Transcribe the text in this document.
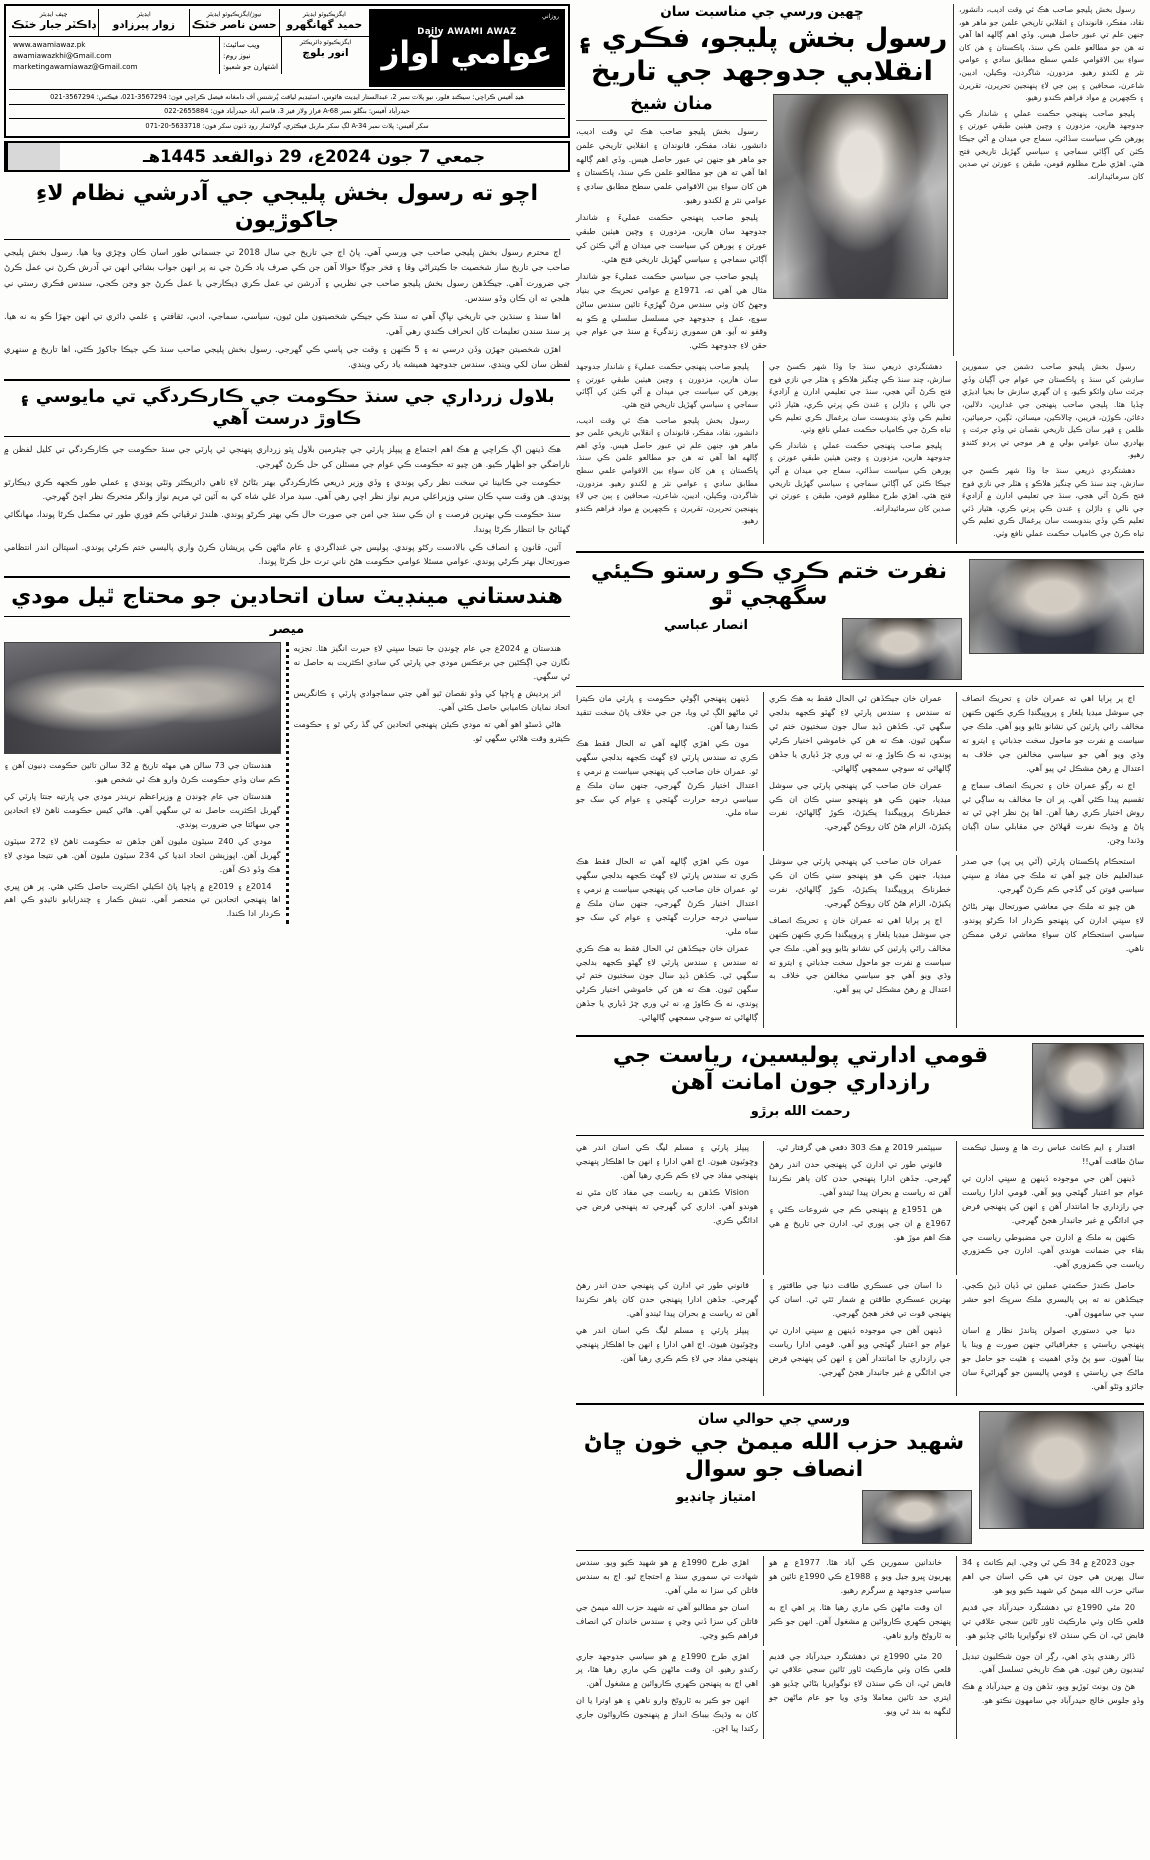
روزاني
Daily AWAMI AWAZ
عوامي آواز
ايگزيڪيوٽو ايڊيٽر
حميد گهانگهرو
نيوز/ايگزيڪيوٽو ايڊيٽر
حسن ناصر خٽڪ
ايڊيٽر
زوار پيرزادو
چيف ايڊيٽر
ڊاڪٽر جبار خٽڪ
ايگزيڪيوٽو ڊائريڪٽر
انور بلوچ
ويب سائيٽ:
نيوز روم:
اشتهارن جو شعبو:
www.awamiawaz.pk
awamiawazkhi@Gmail.com
marketingawamiawaz@Gmail.com
هيڊ آفيس ڪراچي: سيڪنڊ فلور، نيو پلاٽ نمبر 2، عبدالستار ايڊيٽ هائوس، اسٽيڊيم لياقت پُرشنس آف دامغانه فيصل ڪراچي فون: 3567294-021، فيڪس: 3567294-021
حيدرآباد آفيس: بنگلو نمبر A-68 فراز ولاز فيز 3، قاسم آباد حيدرآباد فون: 2655884-022
سکر آفيس: پلاٽ نمبر A-34 لڳ سکر ماربل فيڪٽري، گولائمار روڊ ڏٺون سکر فون: 5633718-20-071
جمعي 7 جون 2024ع، 29 ذوالقعد 1445هـ
اچو ته رسول بخش پليجي جي آدرشي نظام لاءِ جاکوڙيون

اڄ محترم رسول بخش پليجي صاحب جي ورسي آهي. پاڻ اڄ جي تاريخ جي سال 2018 تي جسماني طور اسان ڪان وڇڙي ويا هيا. رسول بخش پليجي صاحب جي تاريخ ساز شخصيت جا ڪيتراڻي وقا ۽ فخر جوڳا حوالا آهن جن ڪي صرف ياد ڪرڻ جي نه پر انهن جواب بشائي انهن تي آدرش ڪرڻ ني عمل ڪرڻ جي ضرورت آهي. جيڪڏهن رسول بخش پليجو صاحب جي نظريي ۽ آدرشن تي عمل ڪري ڊيڪارجي يا عمل ڪرڻ جو وجن ڪجي، سندس فڪري رستي ني هلجي ته ان ڪان وڏو سندس.

اها سنڌ ۽ سنڌين جي تاريخي نڀاڳ آهي ته سنڌ ڪي جيڪي شخصيتون ملن ٿيون، سياسي، سماجي، ادبي، ثقافتي ۽ علمي ڊائري تي انهن جهڙا ڪو به نه هيا. پر سنڌ سندن تعليمات کان انحراف ڪندي رهي آهي.

اهڙن شخصيتن جهڙن وڏن درسي نه ۽ 5 ڪنهن ۽ وقت جي پاسي ڪي گهرجي. رسول بخش پليجي صاحب سنڌ ڪي جيڪا جاکوڙ ڪئي، اها تاريخ ۾ سنهري لفظن سان لکي ويندي. سندس جدوجهد هميشه ياد رکي ويندي.

بلاول زرداري جي سنڌ حڪومت جي ڪارڪردگي تي مايوسي ۽ ڪاوڙ درست آهي

هڪ ڏينهن اڳ ڪراچي ۾ هڪ اهم اجتماع ۾ پيپلز پارٽي جي چيئرمين بلاول ڀٽو زرداري پنهنجي ئي پارٽي جي سنڌ حڪومت جي ڪارڪردگي تي کليل لفظن ۾ ناراضگي جو اظهار ڪيو. هن چيو ته حڪومت ڪي عوام جي مسئلن کي حل ڪرڻ گهرجي.

حڪومت جي ڪابينا تي سخت نظر رکي پوندي ۽ وڏي وزير ذريعي ڪارڪردگي بهتر بڻائڻ لاءِ ٺاهي ڊائريڪٽر وٺڻي پوندي ۽ عملي طور ڪجهه ڪري ڊيڪارٿو پوندي. هن وقت سڀ ڪان سني وزيراعلي مريم نواز نظر اچي رهي آهي. سيد مراد علي شاه کي به آئين ٿي مريم نواز وانگر متحرڪ نظر اچڻ گهرجي.

سنڌ حڪومت ڪي بهترين فرصت ۽ ان ڪي سنڌ جي امن جي صورت حال ڪي بهتر ڪرڻو پوندي. هلندڙ ترقياتي ڪم فوري طور تي مڪمل ڪرڻا پوندا، مهانگائي گهٽائڻ جا انتظار ڪرڻا پوندا.

آئين، قانون ۽ انصاف ڪي بالادست رکڻو پوندي. پوليس جي غنڊاگردي ۽ عام ماڻهن ڪي پريشان ڪرڻ واري پاليسي ختم ڪرڻي پوندي. اسپتالن اندر انتظامي صورتحال بهتر ڪرڻي پوندي. عوامي مسئلا عوامي حڪومت هڻڻ ناني ترت حل ڪرڻا پوندا.

هندستاني مينڊيٽ سان اتحادين جو محتاج ٿيل مودي
ميصر

هندستان ۾ 2024ع جي عام چونڊن جا نتيجا سڀني لاءِ حيرت انگيز هئا. تجزيه نگارن جي اڳڪٿين جي برعڪس مودي جي پارٽي کي سادي اڪثريت به حاصل نه ٿي سگهي.

اتر پرديش ۾ ڀاڄپا کي وڏو نقصان ٿيو آهي جتي سماجوادي پارٽي ۽ ڪانگريس اتحاد نمايان ڪاميابي حاصل ڪئي آهي.

هاڻي ڏسڻو اهو آهي ته مودي ڪيئن پنهنجي اتحادين کي گڏ رکي ٿو ۽ حڪومت ڪيترو وقت هلائي سگهي ٿو.

هندستان جي 73 سالن هي مهڻه تاريخ ۾ 32 سالن تائين حڪومت ڊنيون آهن ۽ ڪم سان وڏي حڪومت ڪرڻ وارو هڪ ئي شخص هيو.

هندستان جي عام چونڊن ۾ وزيراعظم نريندر مودي جي ڀارتيه جنتا پارٽي کي گهربل اڪثريت حاصل نه ٿي سگهي آهي. هاڻي کيس حڪومت ٺاهڻ لاءِ اتحادين جي سهائتا جي ضرورت پوندي.

مودي کي 240 سيٽون مليون آهن جڏهن ته حڪومت ٺاهڻ لاءِ 272 سيٽون گهربل آهن. اپوزيشن اتحاد انڊيا کي 234 سيٽون مليون آهن. هي نتيجا مودي لاءِ هڪ وڏو ڌڪ آهن.

2014ع ۽ 2019ع ۾ ڀاڄپا پاڻ اڪيلي اڪثريت حاصل ڪئي هئي. پر هن ڀيري اها پنهنجي اتحادين تي منحصر آهي. نتيش ڪمار ۽ چندرابابو نائيڊو ڪي اهم ڪردار ادا ڪندا.

رسول بخش پليجو صاحب هڪ ئي وقت اديب، دانشور، نقاد، مفڪر، قانوندان ۽ انقلابي تاريخي علمن جو ماهر هو، جنهن علم تي عبور حاصل هيس. وڏي اهم ڳالهه اها آهي ته هن جو مطالعو علمن ڪي سنڌ، پاڪستان ۽ هن کان سواءِ بين الاقوامي علمي سطح مطابق سادي ۽ عوامي نثر ۾ لکندو رهيو. مزدورن، شاگردن، وڪيلن، اديبن، شاعرن، صحافين ۽ ٻين جي لاءِ پنهنجين تحريرن، تقريرن ۽ ڪچهرين ۾ مواد فراهم ڪندو رهيو.

پليجو صاحب پنهنجي حڪمت عملي ۽ شاندار ڪي جدوجهد هارين، مزدورن ۽ وچين هيٺين طبقي عورتن ۽ ٻورهن ڪي سياست سڏائي، سماج جي ميدان ۾ آڻي جيڪا ڪٺن کي آڳاٽي سماجي ۽ سياسي گهڙيل تاريخي فتح هئي. اهڙي طرح مظلوم قومن، طبقن ۽ عورتن تي صدين کان سرمائيدارانه.

ڇهين ورسي جي مناسبت سان
رسول بخش پليجو، فڪري ۽ انقلابي جدوجهد جي تاريخ
منان شيخ

رسول بخش پليجو صاحب هڪ ئي وقت اديب، دانشور، نقاد، مفڪر، قانوندان ۽ انقلابي تاريخي علمن جو ماهر هو جنهن تي عبور حاصل هيس. وڏي اهم ڳالهه اها آهي ته هن جو مطالعو علمن ڪي سنڌ، پاڪستان ۽ هن کان سواءِ بين الاقوامي علمي سطح مطابق سادي ۽ عوامي نثر ۾ لکندو رهيو.

پليجو صاحب پنهنجي حڪمت عمليءَ ۽ شاندار جدوجهد سان هارين، مزدورن ۽ وچين هيٺين طبقي عورتن ۽ ٻورهن کي سياست جي ميدان ۾ آڻي ڪٺن کي آڳاٽي سماجي ۽ سياسي گهڙيل تاريخي فتح هئي.

پليجو صاحب جي سياسي حڪمت عمليءَ جو شاندار مثال هي آهي ته، 1971ع ۾ عوامي تحريڪ جي بنياد وجهڻ کان وٺي سندس مرڻ گهڙيءَ تائين سندس ساڻن سوچ، عمل ۽ جدوجهد جي مسلسل سلسلي ۾ ڪو به وقفو نه آيو. هن سموري زندگيءَ ۾ سنڌ جي عوام جي حقن لاءِ جدوجهد ڪئي.

رسول بخش پليجو صاحب دشمن جي سمورين سازشن کي سنڌ ۽ پاڪستان جي عوام جي آڳيان وڏي جرئت سان وائکو ڪيو، ۽ ان گهري سازش جا بخيا اڊيڙي چڏيا هئا. پليجي صاحب پنهنجن جي غدارين، دلالين، دغائن، ڪوڙن، فريبن، چالاڪين، ميسائن، ٺڳين، حرميائين، ظلمن ۽ قهر سان ڪيل تاريخي نقصان تي وڏي جرئت ۽ بهادري سان عوامي بولي ۾ هر موجي تي پردو کڻندو رهيو.

دهشتگردي ذريعي سنڌ جا وڏا شهر ڪسڻ جي سازش، چنڊ سنڌ ڪي چنگيز هلاڪو ۽ هٽلر جي نازي فوج فتح ڪرڻ آئي هجي، سنڌ جي تعليمي ادارن ۾ آزاديءَ جي نالي ۽ ڊاڙلن ۽ غندن ڪي پرتي ڪري، هٿيار ڏئي تعليم ڪي وڏي بندوبست سان يرغمال ڪري تعليم ڪي تباه ڪرڻ جي ڪامياب حڪمت عملي نافع وٺي.

دهشتگردي ذريعي سنڌ جا وڏا شهر ڪسڻ جي سازش، چنڊ سنڌ ڪي چنگيز هلاڪو ۽ هٽلر جي نازي فوج فتح ڪرڻ آئي هجي، سنڌ جي تعليمي ادارن ۾ آزاديءَ جي نالي ۽ ڊاڙلن ۽ غندن ڪي پرتي ڪري، هٿيار ڏئي تعليم ڪي وڏي بندوبست سان يرغمال ڪري تعليم ڪي تباه ڪرڻ جي ڪامياب حڪمت عملي نافع وٺي.

پليجو صاحب پنهنجي حڪمت عملي ۽ شاندار ڪي جدوجهد هارين، مزدورن ۽ وچين هيٺين طبقي عورتن ۽ ٻورهن ڪي سياست سڏائي، سماج جي ميدان ۾ آڻي جيڪا ڪٺن کي آڳاٽي سماجي ۽ سياسي گهڙيل تاريخي فتح هئي. اهڙي طرح مظلوم قومن، طبقن ۽ عورتن تي صدين کان سرمائيدارانه.

پليجو صاحب پنهنجي حڪمت عمليءَ ۽ شاندار جدوجهد سان هارين، مزدورن ۽ وچين هيٺين طبقي عورتن ۽ ٻورهن کي سياست جي ميدان ۾ آڻي ڪٺن کي آڳاٽي سماجي ۽ سياسي گهڙيل تاريخي فتح هئي.

رسول بخش پليجو صاحب هڪ ئي وقت اديب، دانشور، نقاد، مفڪر، قانوندان ۽ انقلابي تاريخي علمن جو ماهر هو، جنهن علم تي عبور حاصل هيس. وڏي اهم ڳالهه اها آهي ته هن جو مطالعو علمن ڪي سنڌ، پاڪستان ۽ هن کان سواءِ بين الاقوامي علمي سطح مطابق سادي ۽ عوامي نثر ۾ لکندو رهيو. مزدورن، شاگردن، وڪيلن، اديبن، شاعرن، صحافين ۽ ٻين جي لاءِ پنهنجين تحريرن، تقريرن ۽ ڪچهرين ۾ مواد فراهم ڪندو رهيو.

نفرت ختم ڪري ڪو رستو ڪيئي سگهجي ٿو
انصار عباسي

اڄ پر ٻرايا اهي ته عمران خان ۽ تحريڪ انصاف جي سوشل ميڊيا يلغار ۽ پروپيگنڊا ڪري ڪنهن ڪنهن مخالف رائي پارٽين کي نشانو بڻايو ويو آهي. ملڪ جي سياست ۾ نفرت جو ماحول سخت جذباتي ۽ ايترو ته وڌي ويو آهي جو سياسي مخالفن جي خلاف به اعتدال ۾ رهڻ مشڪل ٿي پيو آهي.

اڄ نه رڳو عمران خان ۽ تحريڪ انصاف سماج ۾ تقسيم پيدا ڪئي آهي. پر ان جا مخالف به ساڳي ئي روش اختيار ڪري رهيا آهن. اها پڻ نظر اچي ٿي ته پاڻ ۾ وڌيڪ نفرت ڦهلائڻ جي مقابلي سان اڳيان وڌندا وڃن.

عمران خان جيڪڏهن ئي الحال فقط به هڪ ڪري ته سندس ۽ سندس پارٽي لاءِ گهٽو ڪجهه بدلجي سگهي ٿي. ڪڏهن ڏيڍ سال جون سختيون ختم ٿي سگهن ٿيون. هڪ ته هن کي خاموشي اختيار ڪرڻي پوندي، نه ڪ ڪاوڙ ۾، نه ئي وري چڙ ڏياري يا جڏهن ڳالهائي ته سوچي سمجهي ڳالهائي.

عمران خان صاحب کي پنهنجي پارٽي جي سوشل ميڊيا، جنهن ڪي هو پنهنجو سني ڪان ان ڪي خطرناڪ پروپيگنڊا پڪيڙڻ، ڪوڙ ڳالهائڻ، نفرت پکيڙڻ، الزام هڻڻ کان روڪڻ گهرجي.

ڏينهن پنهنجي اڳوڻي حڪومت ۽ پارٽي مان ڪيترا ئي ماڻهو الڳ ٿي ويا، جن جي خلاف پاڻ سخت تنقيد ڪندا رهيا آهن.

مون ڪي اهڙي ڳالهه آهي ته الحال فقط هڪ ڪري ته سندس پارٽي لاءِ گهٽ ڪجهه بدلجي سگهي ٿو. عمران خان صاحب کي پنهنجي سياست ۾ نرمي ۽ اعتدال اختيار ڪرڻ گهرجي، جنهن سان ملڪ ۾ سياسي درجه حرارت گهٽجي ۽ عوام کي سک جو ساه ملي.

استحڪام پاڪستان پارٽي (آئي پي پي) جي صدر عبدالعليم خان چيو آهي ته ملڪ جي مفاد ۾ سڀني سياسي قوتن کي گڏجي ڪم ڪرڻ گهرجي.

هن چيو ته ملڪ جي معاشي صورتحال بهتر بڻائڻ لاءِ سڀني ادارن کي پنهنجو ڪردار ادا ڪرڻو پوندو. سياسي استحڪام کان سواءِ معاشي ترقي ممڪن ناهي.

عمران خان صاحب کي پنهنجي پارٽي جي سوشل ميڊيا، جنهن ڪي هو پنهنجو سني ڪان ان ڪي خطرناڪ پروپيگنڊا پڪيڙڻ، ڪوڙ ڳالهائڻ، نفرت پکيڙڻ، الزام هڻڻ کان روڪڻ گهرجي.

اڄ پر ٻرايا اهي ته عمران خان ۽ تحريڪ انصاف جي سوشل ميڊيا يلغار ۽ پروپيگنڊا ڪري ڪنهن ڪنهن مخالف رائي پارٽين کي نشانو بڻايو ويو آهي. ملڪ جي سياست ۾ نفرت جو ماحول سخت جذباتي ۽ ايترو ته وڌي ويو آهي جو سياسي مخالفن جي خلاف به اعتدال ۾ رهڻ مشڪل ٿي پيو آهي.

مون ڪي اهڙي ڳالهه آهي ته الحال فقط هڪ ڪري ته سندس پارٽي لاءِ گهٽ ڪجهه بدلجي سگهي ٿو. عمران خان صاحب کي پنهنجي سياست ۾ نرمي ۽ اعتدال اختيار ڪرڻ گهرجي، جنهن سان ملڪ ۾ سياسي درجه حرارت گهٽجي ۽ عوام کي سک جو ساه ملي.

عمران خان جيڪڏهن ئي الحال فقط به هڪ ڪري ته سندس ۽ سندس پارٽي لاءِ گهٽو ڪجهه بدلجي سگهي ٿي. ڪڏهن ڏيڍ سال جون سختيون ختم ٿي سگهن ٿيون. هڪ ته هن کي خاموشي اختيار ڪرڻي پوندي، نه ڪ ڪاوڙ ۾، نه ئي وري چڙ ڏياري يا جڏهن ڳالهائي ته سوچي سمجهي ڳالهائي.

قومي ادارتي پوليسين، رياست جي رازداري جون امانت آهن
رحمت الله برڙو

اقتدار ۽ ايم ڪانٽ عباس رٿ ها ۾ وسيل تيڪمت ساڻ طاقت آهي!!

ڏينهن آهن جي موجوده ڏينهن ۾ سڀني ادارن تي عوام جو اعتبار گهٽجي ويو آهي. قومي ادارا رياست جي رازداري جا امانتدار آهن ۽ انهن کي پنهنجي فرض جي ادائگي ۾ غير جانبدار هجڻ گهرجي.

ڪنهن به ملڪ ۾ ادارن جي مضبوطي رياست جي بقاء جي ضمانت هوندي آهي. ادارن جي ڪمزوري رياست جي ڪمزوري آهي.

سيپٽمبر 2019 ۾ هڪ 303 دفعي هي گرفتار ٿي.

قانوني طور تي ادارن کي پنهنجي حدن اندر رهڻ گهرجي. جڏهن ادارا پنهنجي حدن کان ٻاهر نڪرندا آهن ته رياست ۾ بحران پيدا ٿيندو آهي.

هن 1951ع ۾ پنهنجي ڪم جي شروعات ڪئي ۽ 1967ع ۾ ان جي پوري ٿي. ادارن جي تاريخ ۾ هي هڪ اهم موڙ هو.

پيپلز پارٽي ۽ مسلم ليگ ڪي اسان اندر هي وڇوٽيون هيون. اڄ اهي ادارا ۽ انهن جا اهلڪار پنهنجي پنهنجي مفاد جي لاءِ ڪم ڪري رهيا آهن.

Vision ڪڏهن به رياست جي مفاد کان مٿي نه هوندو آهي. اداري کي گهرجي ته پنهنجي فرض جي ادائگي ڪري.

حاصل ڪندڙ حڪمتي عملين تي ڏيان ڏيڻ ڪجي. جيڪڏهن نه ته ٻي ٻاليسري ملڪ سرڀڪ اجو حشر سڀ جي سامهون آهي.

دنيا جي دستوري اصولن پتاندڙ نظار ۾ اسان پنهنجي رياستي ۽ جغرافيائي جنهن صورت ۾ وينا يا بيٺا آهيون. سو پڻ وڏي اهميت ۽ هئيت جو حامل جو ماڻڪ جي رياستي ۽ قومي پاليسين جو گهرائيءَ سان جائزو وٺڻو آهي.

دا اسان جي عسڪري طاقت دنيا جي طاقتور ۽ بهترين عسڪري طاقتن ۾ شمار ٿئي ٿي. اسان کي پنهنجي قوت تي فخر هجڻ گهرجي.

ڏينهن آهن جي موجوده ڏينهن ۾ سڀني ادارن تي عوام جو اعتبار گهٽجي ويو آهي. قومي ادارا رياست جي رازداري جا امانتدار آهن ۽ انهن کي پنهنجي فرض جي ادائگي ۾ غير جانبدار هجڻ گهرجي.

قانوني طور تي ادارن کي پنهنجي حدن اندر رهڻ گهرجي. جڏهن ادارا پنهنجي حدن کان ٻاهر نڪرندا آهن ته رياست ۾ بحران پيدا ٿيندو آهي.

پيپلز پارٽي ۽ مسلم ليگ ڪي اسان اندر هي وڇوٽيون هيون. اڄ اهي ادارا ۽ انهن جا اهلڪار پنهنجي پنهنجي مفاد جي لاءِ ڪم ڪري رهيا آهن.

ورسي جي حوالي سان
شهيد حزب الله ميمڻ جي خون ڇاڻ انصاف جو سوال
امتياز چانڊيو

جون 2023ع ۾ 34 ڪي ٿي وڃي. ايم ڪانٽ ۽ 34 سال پهرين هي جون تي هي ڪي اسان جي اهم ساٿي حزب الله ميمڻ کي شهيد ڪيو ويو هو.

20 مئي 1990ع تي دهشتگرد حيدرآباد جي قديم قلعي ڪان وٺي مارڪيٽ ٽاور ٿائين سجي علاقي تي قابض ٿي، ان ڪي سنڌن لاءِ نوگوايريا بڻائي چڏيو هو.

خاندانين سمورين ڪي آباد هئا. 1977ع ۾ هو پهريون ڀيرو جيل ويو ۽ 1988ع ڪي 1990ع تائين هو سياسي جدوجهد ۾ سرگرم رهيو.

ان وقت ماڻهن ڪي ماري رهيا هئا. پر اهي اڄ به پنهنجن ڪهري ڪاروائين ۾ مشغول آهن. انهن جو ڪير به ٽاروڻخ وارو ناهي.

اهڙي طرح 1990ع ۾ هو شهيد ڪيو ويو. سندس شهادت تي سموري سنڌ ۾ احتجاج ٿيو. اڄ به سندس قاتلن کي سزا نه ملي آهي.

اسان جو مطالبو آهي ته شهيد حزب الله ميمڻ جي قاتلن کي سزا ڏني وڃي ۽ سندس خاندان کي انصاف فراهم ڪيو وڃي.

ڏائر رهندي ٻڌي اهي، رڳر ان جون شڪليون تبديل ٿينديون رهن ٿيون. هي هڪ تاريخي تسلسل آهي.

هڻ ون يونٽ ٽوڙيو ويو، تڏهن ون ۾ حيدرآباد ۾ هڪ وڏو جلوس خالج حيدرآباد جي سامهون نڪتو هو.

20 مئي 1990ع تي دهشتگرد حيدرآباد جي قديم قلعي ڪان وٺي مارڪيٽ ٽاور ٿائين سجي علاقي تي قابض ٿي، ان ڪي سنڌن لاءِ نوگوايريا بڻائي چڏيو هو. ايتري حد تائين معاملا وڌي ويا جو عام ماڻهن جو لنگهه به بند ٿي ويو.

اهڙي طرح 1990ع ۾ هو سياسي جدوجهد جاري رکندو رهيو. ان وقت ماڻهن ڪي ماري رهيا هئا، پر اهي اڄ به پنهنجن ڪهري ڪاروائين ۾ مشغول آهن.

انهن جو ڪير به ٽاروڻخ وارو ناهي ۽ هو اوترا يا ان کان به وڌيڪ بيباڪ انداز ۾ پنهنجون ڪاروائون جاري رکندا پيا اچن.
